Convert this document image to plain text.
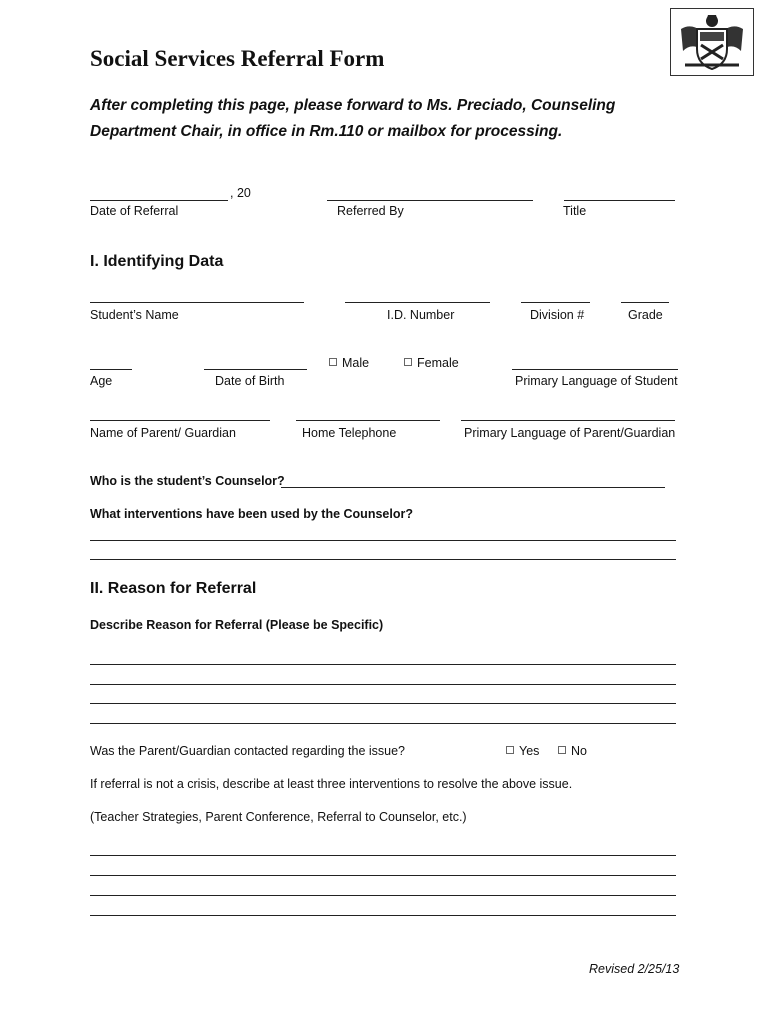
Social Services Referral Form
After completing this page, please forward to Ms. Preciado, Counseling Department Chair, in office in Rm.110 or mailbox for processing.
, 20
Date of Referral	Referred By	Title
I. Identifying Data
Student’s Name	I.D. Number	Division #	Grade
Male	Female
Age	Date of Birth	Primary Language of Student
Name of Parent/ Guardian	Home Telephone	Primary Language of Parent/Guardian
Who is the student’s Counselor?
What interventions have been used by the Counselor?
II. Reason for Referral
Describe Reason for Referral (Please be Specific)
Was the Parent/Guardian contacted regarding the issue?	Yes	No
If referral is not a crisis, describe at least three interventions to resolve the above issue.
(Teacher Strategies, Parent Conference, Referral to Counselor, etc.)
Revised 2/25/13
